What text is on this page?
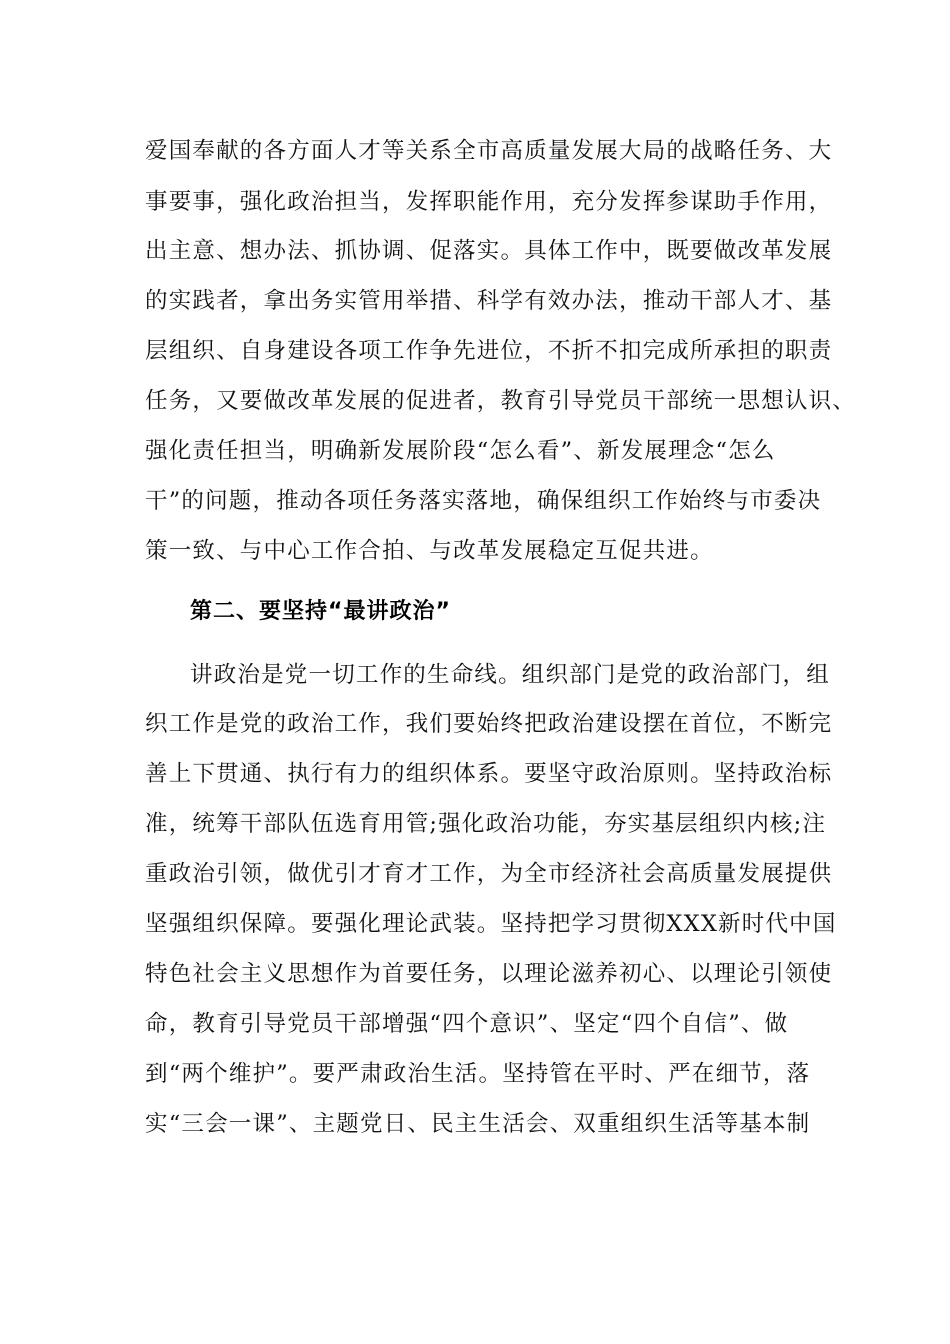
爱国奉献的各方面人才等关系全市高质量发展大局的战略任务、大
事要事，强化政治担当，发挥职能作用，充分发挥参谋助手作用，
出主意、想办法、抓协调、促落实。具体工作中，既要做改革发展
的实践者，拿出务实管用举措、科学有效办法，推动干部人才、基
层组织、自身建设各项工作争先进位，不折不扣完成所承担的职责
任务，又要做改革发展的促进者，教育引导党员干部统一思想认识、
强化责任担当，明确新发展阶段“怎么看”、新发展理念“怎么
干”的问题，推动各项任务落实落地，确保组织工作始终与市委决
策一致、与中心工作合拍、与改革发展稳定互促共进。
第二、要坚持“最讲政治”
讲政治是党一切工作的生命线。组织部门是党的政治部门，组
织工作是党的政治工作，我们要始终把政治建设摆在首位，不断完
善上下贯通、执行有力的组织体系。要坚守政治原则。坚持政治标
准，统筹干部队伍选育用管;强化政治功能，夯实基层组织内核;注
重政治引领，做优引才育才工作，为全市经济社会高质量发展提供
坚强组织保障。要强化理论武装。坚持把学习贯彻XXX新时代中国
特色社会主义思想作为首要任务，以理论滋养初心、以理论引领使
命，教育引导党员干部增强“四个意识”、坚定“四个自信”、做
到“两个维护”。要严肃政治生活。坚持管在平时、严在细节，落
实“三会一课”、主题党日、民主生活会、双重组织生活等基本制
